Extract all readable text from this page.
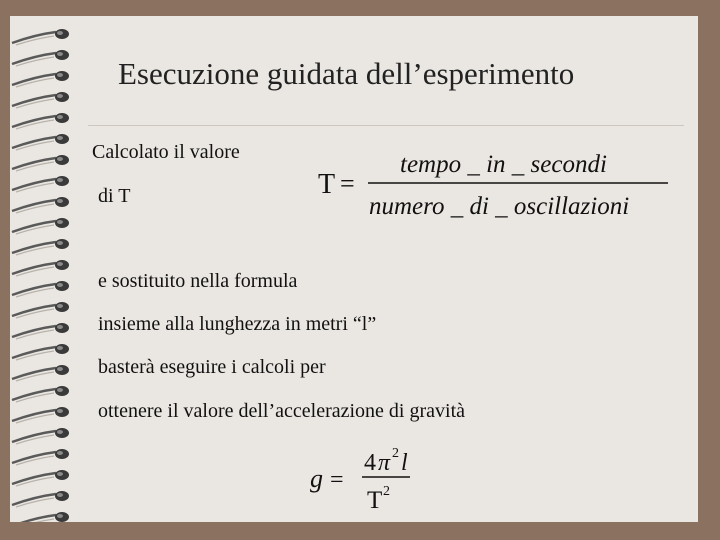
Esecuzione guidata dell’esperimento
Calcolato il valore
di T
e sostituito nella formula
insieme alla lunghezza in metri “l”
basterà eseguire i calcoli per
ottenere il valore dell’accelerazione di gravità
T =
tempo _ in _ secondi
numero _ di _ oscillazioni
g =
4 π 2 l
T 2
